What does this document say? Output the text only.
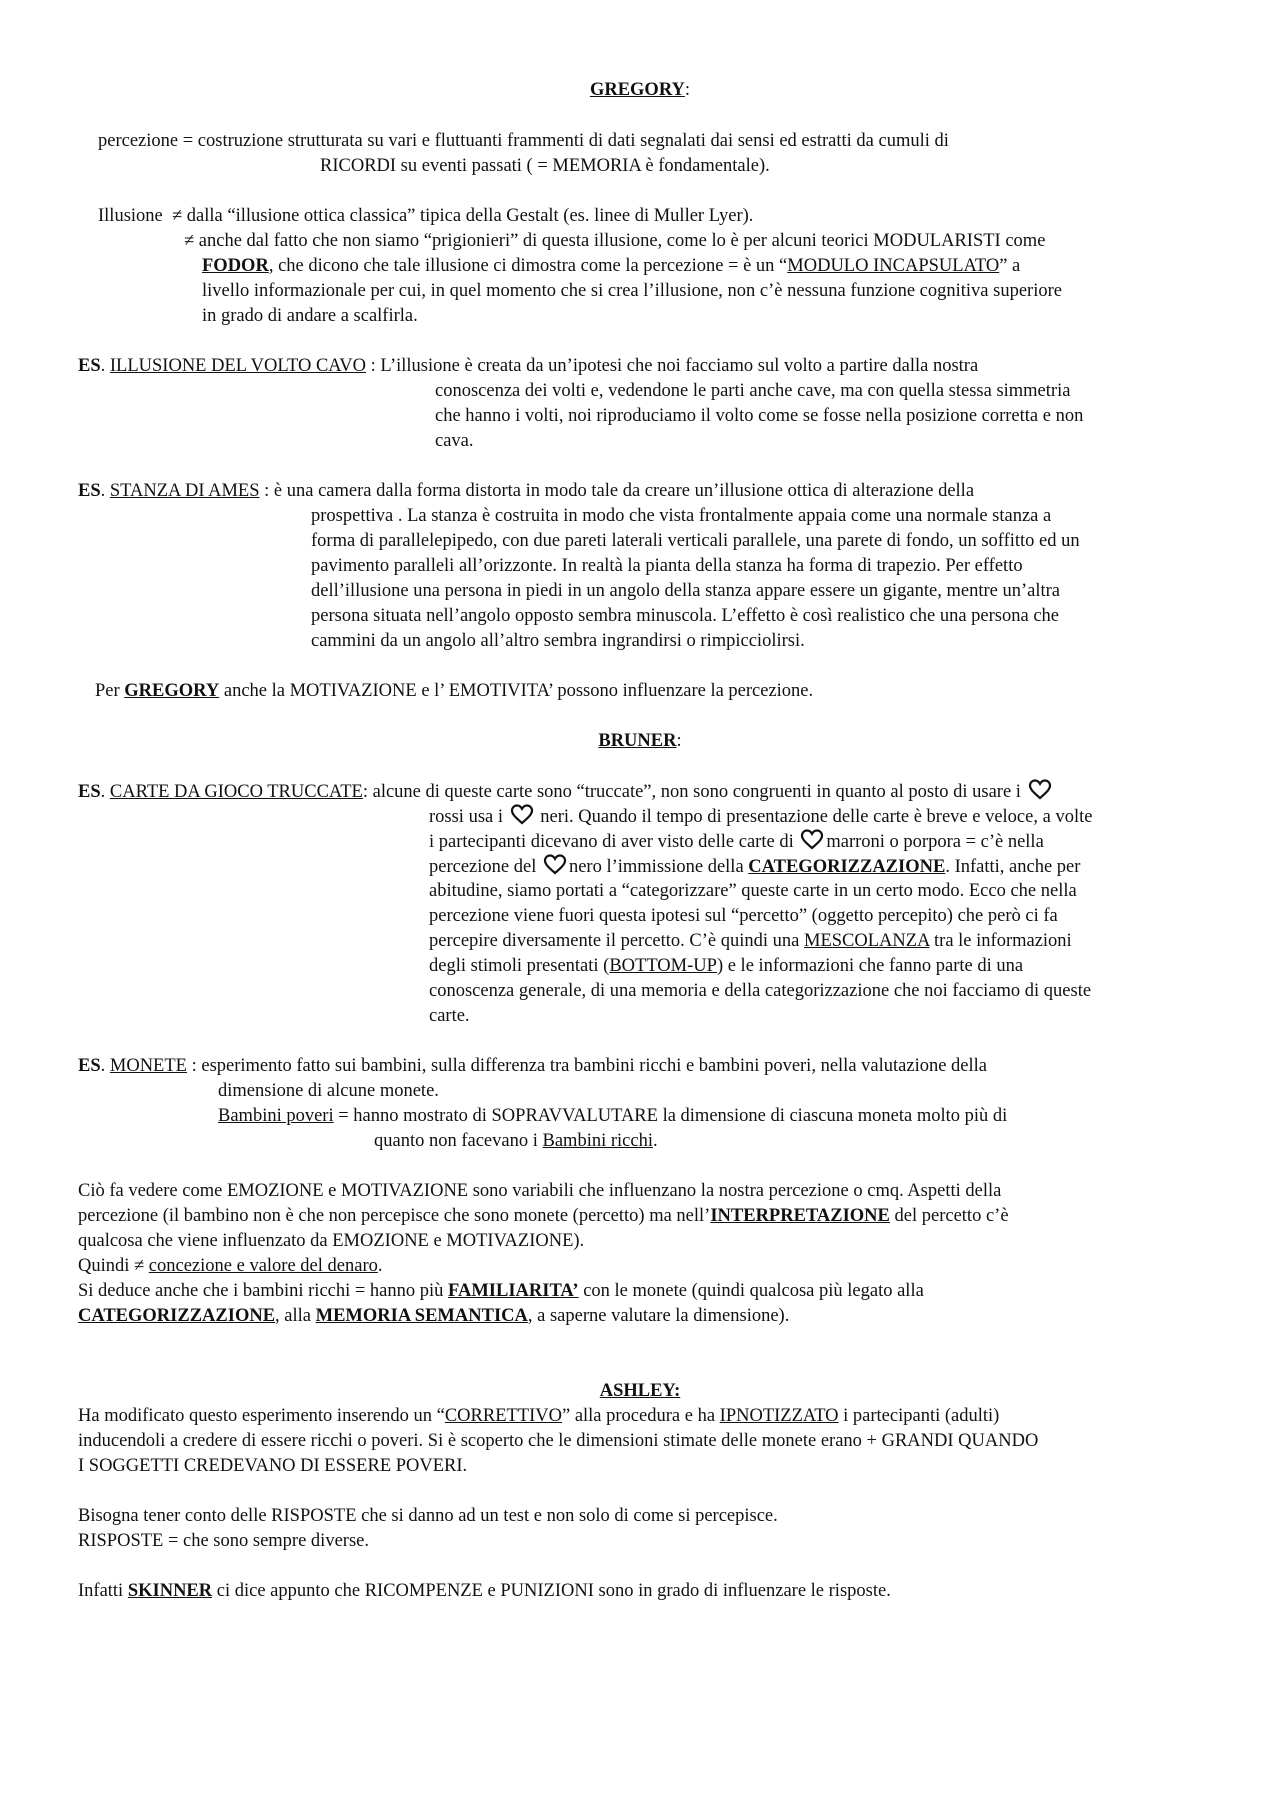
GREGORY:
percezione = costruzione strutturata su vari e fluttuanti frammenti di dati segnalati dai sensi ed estratti da cumuli di
RICORDI su eventi passati ( = MEMORIA è fondamentale).
Illusione ≠ dalla “illusione ottica classica” tipica della Gestalt (es. linee di Muller Lyer).
≠ anche dal fatto che non siamo “prigionieri” di questa illusione, come lo è per alcuni teorici MODULARISTI come
FODOR, che dicono che tale illusione ci dimostra come la percezione = è un “MODULO INCAPSULATO” a
livello informazionale per cui, in quel momento che si crea l’illusione, non c’è nessuna funzione cognitiva superiore
in grado di andare a scalfirla.
ES. ILLUSIONE DEL VOLTO CAVO : L’illusione è creata da un’ipotesi che noi facciamo sul volto a partire dalla nostra
conoscenza dei volti e, vedendone le parti anche cave, ma con quella stessa simmetria
che hanno i volti, noi riproduciamo il volto come se fosse nella posizione corretta e non
cava.
ES. STANZA DI AMES : è una camera dalla forma distorta in modo tale da creare un’illusione ottica di alterazione della
prospettiva . La stanza è costruita in modo che vista frontalmente appaia come una normale stanza a
forma di parallelepipedo, con due pareti laterali verticali parallele, una parete di fondo, un soffitto ed un
pavimento paralleli all’orizzonte. In realtà la pianta della stanza ha forma di trapezio. Per effetto
dell’illusione una persona in piedi in un angolo della stanza appare essere un gigante, mentre un’altra
persona situata nell’angolo opposto sembra minuscola. L’effetto è così realistico che una persona che
cammini da un angolo all’altro sembra ingrandirsi o rimpicciolirsi.
Per GREGORY anche la MOTIVAZIONE e l’ EMOTIVITA’ possono influenzare la percezione.
BRUNER:
ES. CARTE DA GIOCO TRUCCATE: alcune di queste carte sono “truccate”, non sono congruenti in quanto al posto di usare i
rossi usa i
neri. Quando il tempo di presentazione delle carte è breve e veloce, a volte
i partecipanti dicevano di aver visto delle carte di marroni o porpora = c’è nella
percezione del nero l’immissione della CATEGORIZZAZIONE. Infatti, anche per
abitudine, siamo portati a “categorizzare” queste carte in un certo modo. Ecco che nella
percezione viene fuori questa ipotesi sul “percetto” (oggetto percepito) che però ci fa
percepire diversamente il percetto. C’è quindi una MESCOLANZA tra le informazioni
degli stimoli presentati (BOTTOM-UP) e le informazioni che fanno parte di una
conoscenza generale, di una memoria e della categorizzazione che noi facciamo di queste
carte.
ES. MONETE : esperimento fatto sui bambini, sulla differenza tra bambini ricchi e bambini poveri, nella valutazione della
dimensione di alcune monete.
Bambini poveri = hanno mostrato di SOPRAVVALUTARE la dimensione di ciascuna moneta molto più di
quanto non facevano i Bambini ricchi.
Ciò fa vedere come EMOZIONE e MOTIVAZIONE sono variabili che influenzano la nostra percezione o cmq. Aspetti della
percezione (il bambino non è che non percepisce che sono monete (percetto) ma nell’INTERPRETAZIONE del percetto c’è
qualcosa che viene influenzato da EMOZIONE e MOTIVAZIONE).
Quindi ≠ concezione e valore del denaro.
Si deduce anche che i bambini ricchi = hanno più FAMILIARITA’ con le monete (quindi qualcosa più legato alla
CATEGORIZZAZIONE, alla MEMORIA SEMANTICA, a saperne valutare la dimensione).
ASHLEY:
Ha modificato questo esperimento inserendo un “CORRETTIVO” alla procedura e ha IPNOTIZZATO i partecipanti (adulti)
inducendoli a credere di essere ricchi o poveri. Si è scoperto che le dimensioni stimate delle monete erano + GRANDI QUANDO
I SOGGETTI CREDEVANO DI ESSERE POVERI.
Bisogna tener conto delle RISPOSTE che si danno ad un test e non solo di come si percepisce.
RISPOSTE = che sono sempre diverse.
Infatti SKINNER ci dice appunto che RICOMPENZE e PUNIZIONI sono in grado di influenzare le risposte.
